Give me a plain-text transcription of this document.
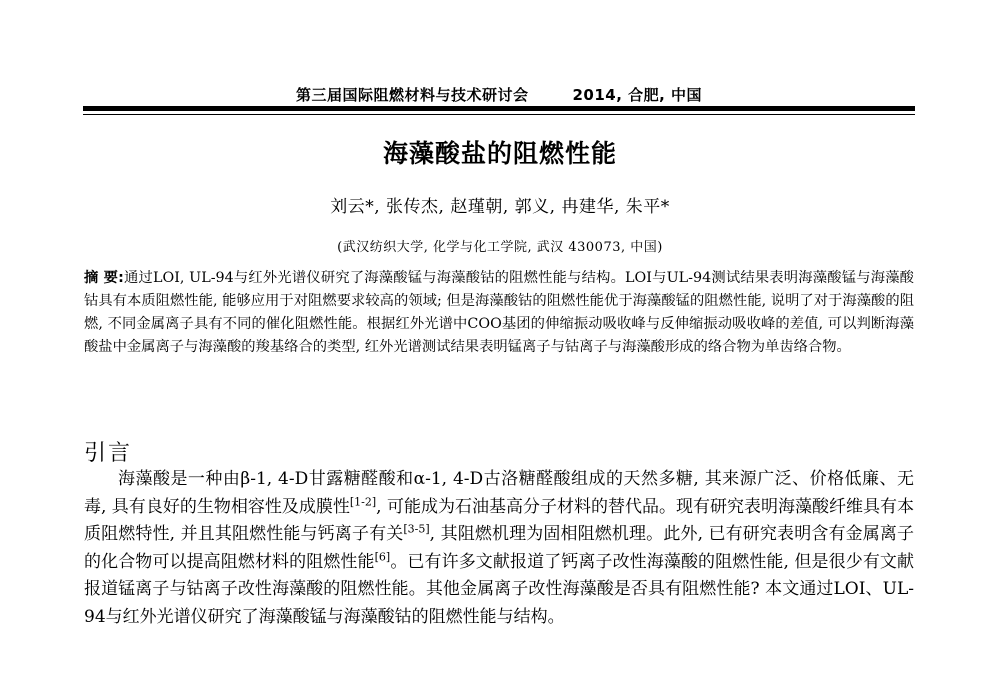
第三届国际阻燃材料与技术研讨会	2014, 合肥, 中国
海藻酸盐的阻燃性能
刘云*, 张传杰, 赵瑾朝, 郭义, 冉建华, 朱平*
(武汉纺织大学, 化学与化工学院, 武汉 430073, 中国)
摘 要:通过LOI, UL-94与红外光谱仪研究了海藻酸锰与海藻酸钴的阻燃性能与结构。LOI与UL-94测试结果表明海藻酸锰与海藻酸钴具有本质阻燃性能, 能够应用于对阻燃要求较高的领域; 但是海藻酸钴的阻燃性能优于海藻酸锰的阻燃性能, 说明了对于海藻酸的阻燃, 不同金属离子具有不同的催化阻燃性能。根据红外光谱中COO基团的伸缩振动吸收峰与反伸缩振动吸收峰的差值, 可以判断海藻酸盐中金属离子与海藻酸的羧基络合的类型, 红外光谱测试结果表明锰离子与钴离子与海藻酸形成的络合物为单齿络合物。
引言

海藻酸是一种由β-1, 4-D甘露糖醛酸和α-1, 4-D古洛糖醛酸组成的天然多糖, 其来源广泛、价格低廉、无毒, 具有良好的生物相容性及成膜性[1-2], 可能成为石油基高分子材料的替代品。现有研究表明海藻酸纤维具有本质阻燃特性, 并且其阻燃性能与钙离子有关[3-5], 其阻燃机理为固相阻燃机理。此外, 已有研究表明含有金属离子的化合物可以提高阻燃材料的阻燃性能[6]。已有许多文献报道了钙离子改性海藻酸的阻燃性能, 但是很少有文献报道锰离子与钴离子改性海藻酸的阻燃性能。其他金属离子改性海藻酸是否具有阻燃性能? 本文通过LOI、UL-94与红外光谱仪研究了海藻酸锰与海藻酸钴的阻燃性能与结构。
